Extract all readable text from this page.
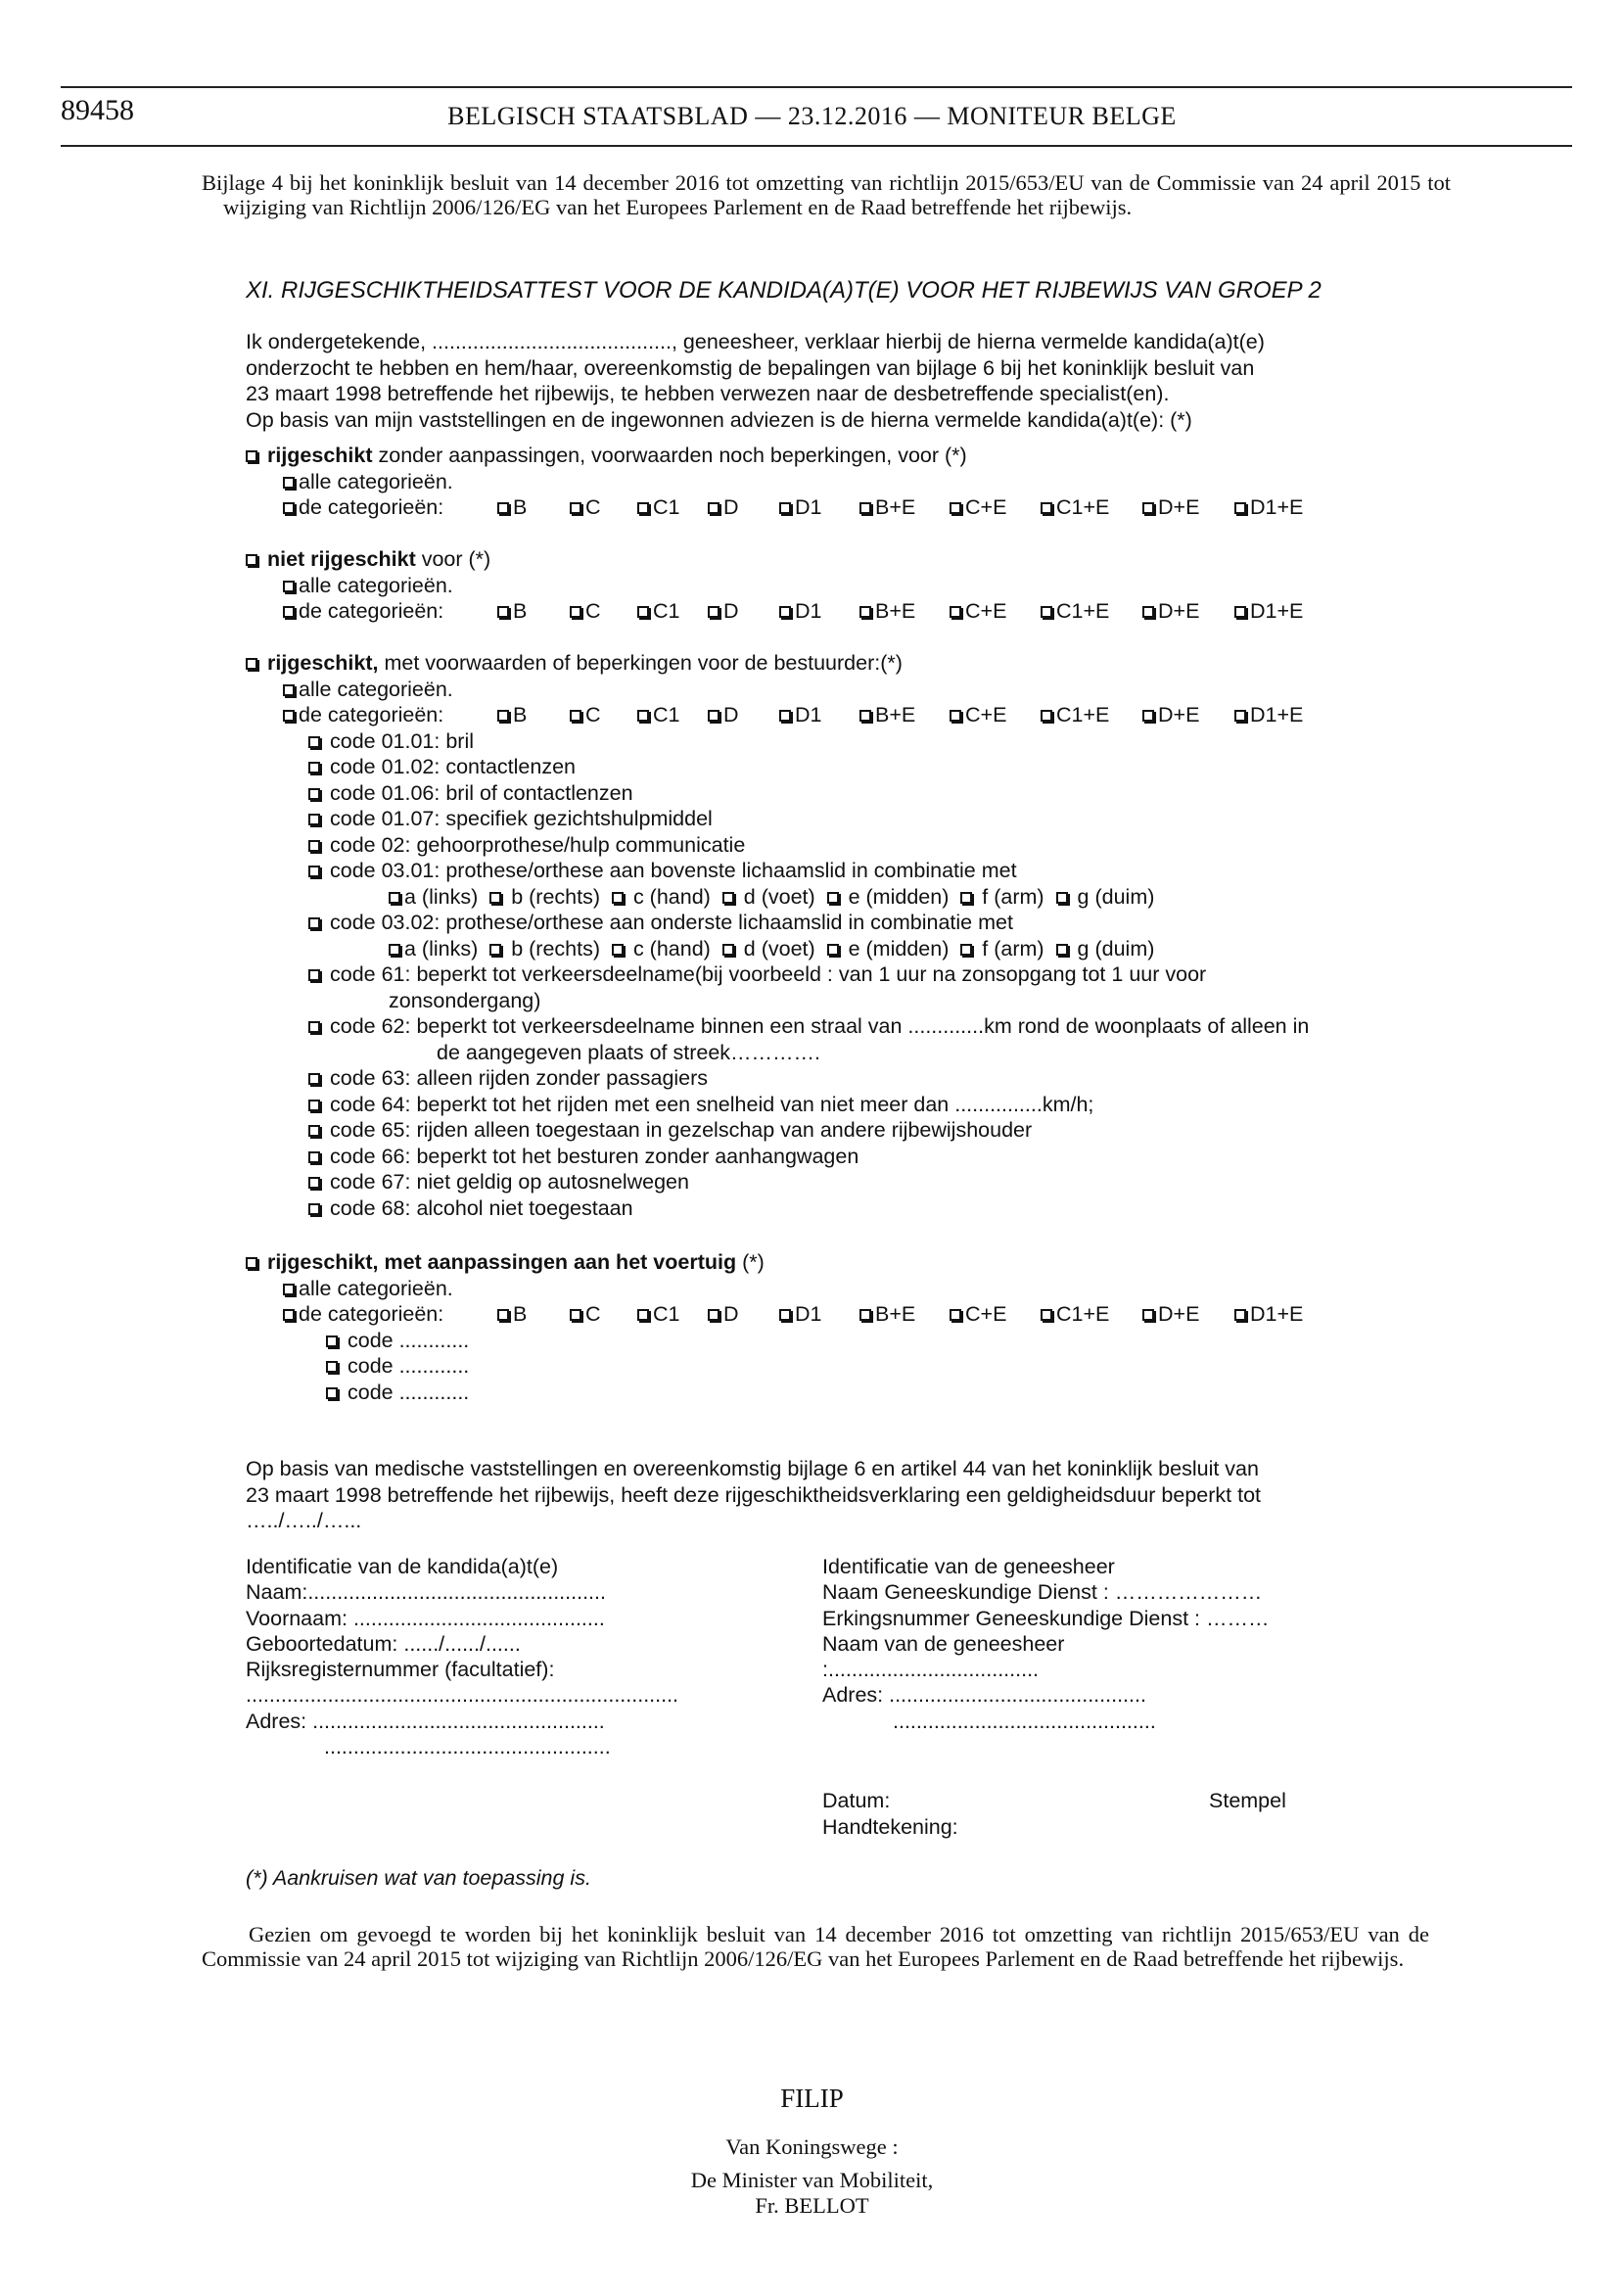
89458	BELGISCH STAATSBLAD — 23.12.2016 — MONITEUR BELGE
Bijlage 4 bij het koninklijk besluit van 14 december 2016 tot omzetting van richtlijn 2015/653/EU van de Commissie van 24 april 2015 tot wijziging van Richtlijn 2006/126/EG van het Europees Parlement en de Raad betreffende het rijbewijs.
XI. RIJGESCHIKTHEIDSATTEST VOOR DE KANDIDA(A)T(E) VOOR HET RIJBEWIJS VAN GROEP 2
Ik ondergetekende, ........................................., geneesheer, verklaar hierbij de hierna vermelde kandida(a)t(e)
onderzocht te hebben en hem/haar, overeenkomstig de bepalingen van bijlage 6 bij het koninklijk besluit van
23 maart 1998 betreffende het rijbewijs, te hebben verwezen naar de desbetreffende specialist(en).
Op basis van mijn vaststellingen en de ingewonnen adviezen is de hierna vermelde kandida(a)t(e): (*)
rijgeschikt zonder aanpassingen, voorwaarden noch beperkingen, voor (*)
alle categorieën.
de categorieën:	B	C	C1	D	D1	B+E	C+E	C1+E	D+E	D1+E
niet rijgeschikt voor (*)
alle categorieën.
de categorieën:	B	C	C1	D	D1	B+E	C+E	C1+E	D+E	D1+E
rijgeschikt, met voorwaarden of beperkingen voor de bestuurder:(*)
alle categorieën.
de categorieën:	B	C	C1	D	D1	B+E	C+E	C1+E	D+E	D1+E
code 01.01: bril
code 01.02: contactlenzen
code 01.06: bril of contactlenzen
code 01.07: specifiek gezichtshulpmiddel
code 02: gehoorprothese/hulp communicatie
code 03.01: prothese/orthese aan bovenste lichaamslid in combinatie met
a (links) b (rechts) c (hand) d (voet) e (midden) f (arm) g (duim)
code 03.02: prothese/orthese aan onderste lichaamslid in combinatie met
a (links) b (rechts) c (hand) d (voet) e (midden) f (arm) g (duim)
code 61: beperkt tot verkeersdeelname(bij voorbeeld : van 1 uur na zonsopgang tot 1 uur voor
zonsondergang)
code 62: beperkt tot verkeersdeelname binnen een straal van .............km rond de woonplaats of alleen in
de aangegeven plaats of streek………….
code 63: alleen rijden zonder passagiers
code 64: beperkt tot het rijden met een snelheid van niet meer dan ...............km/h;
code 65: rijden alleen toegestaan in gezelschap van andere rijbewijshouder
code 66: beperkt tot het besturen zonder aanhangwagen
code 67: niet geldig op autosnelwegen
code 68: alcohol niet toegestaan
rijgeschikt, met aanpassingen aan het voertuig (*)
alle categorieën.
de categorieën:	B	C	C1	D	D1	B+E	C+E	C1+E	D+E	D1+E
code ............
code ............
code ............
Op basis van medische vaststellingen en overeenkomstig bijlage 6 en artikel 44 van het koninklijk besluit van
23 maart 1998 betreffende het rijbewijs, heeft deze rijgeschiktheidsverklaring een geldigheidsduur beperkt tot
…../…../…...
Identificatie van de kandida(a)t(e)
Naam:...................................................
Voornaam: ...........................................
Geboortedatum: ....../....../......
Rijksregisternummer (facultatief):
..........................................................................
Adres: ..................................................
.................................................
Identificatie van de geneesheer
Naam Geneeskundige Dienst : …………………
Erkingsnummer Geneeskundige Dienst : ………
Naam van de geneesheer
:....................................
Adres: ............................................
.............................................
Datum:	Stempel
Handtekening:
(*) Aankruisen wat van toepassing is.
Gezien om gevoegd te worden bij het koninklijk besluit van 14 december 2016 tot omzetting van richtlijn 2015/653/EU van de Commissie van 24 april 2015 tot wijziging van Richtlijn 2006/126/EG van het Europees Parlement en de Raad betreffende het rijbewijs.
FILIP
Van Koningswege :
De Minister van Mobiliteit,
Fr. BELLOT
